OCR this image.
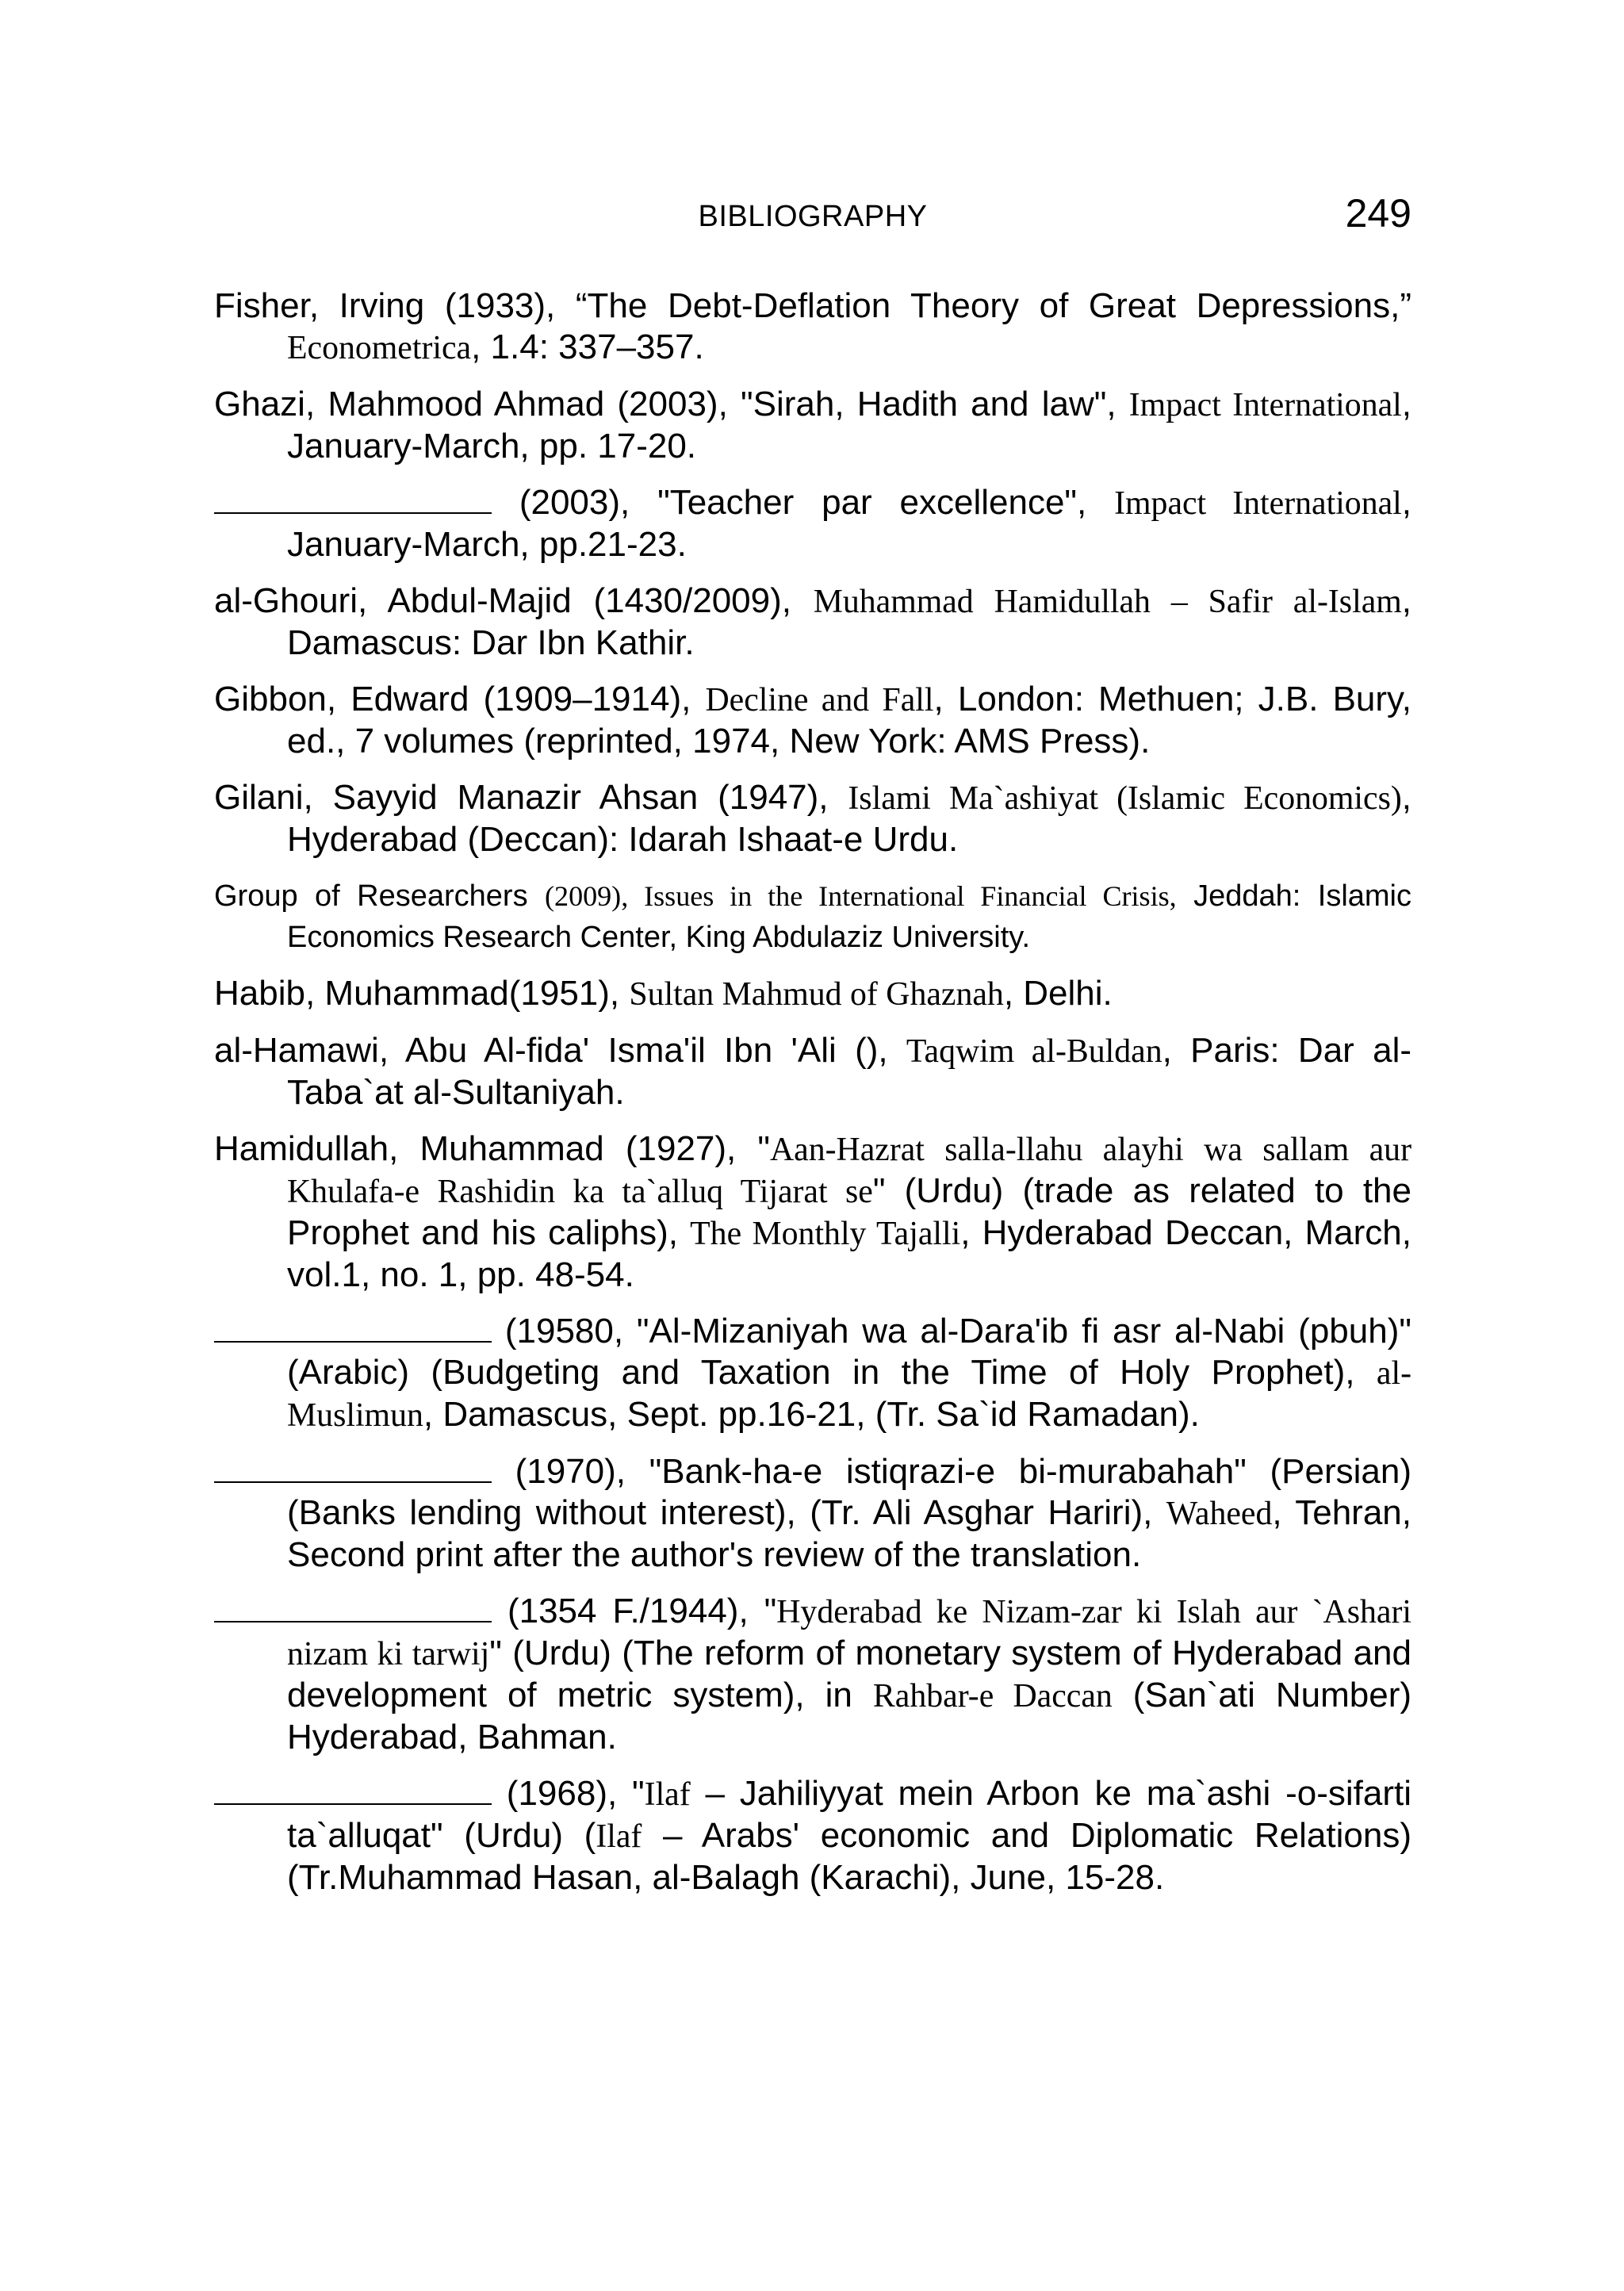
BIBLIOGRAPHY	249

Fisher, Irving (1933), “The Debt-Deflation Theory of Great Depressions,” Econometrica, 1.4: 337–357.

Ghazi, Mahmood Ahmad (2003), "Sirah, Hadith and law", Impact International, January-March, pp. 17-20.

(2003), "Teacher par excellence", Impact International, January-March, pp.21-23.

al-Ghouri, Abdul-Majid (1430/2009), Muhammad Hamidullah – Safir al-Islam, Damascus: Dar Ibn Kathir.

Gibbon, Edward (1909–1914), Decline and Fall, London: Methuen; J.B. Bury, ed., 7 volumes (reprinted, 1974, New York: AMS Press).

Gilani, Sayyid Manazir Ahsan (1947), Islami Ma`ashiyat (Islamic Economics), Hyderabad (Deccan): Idarah Ishaat-e Urdu.

Group of Researchers (2009), Issues in the International Financial Crisis, Jeddah: Islamic Economics Research Center, King Abdulaziz University.

Habib, Muhammad(1951), Sultan Mahmud of Ghaznah, Delhi.

al-Hamawi, Abu Al-fida' Isma'il Ibn 'Ali (), Taqwim al-Buldan, Paris: Dar al-Taba`at al-Sultaniyah.

Hamidullah, Muhammad (1927), "Aan-Hazrat salla-llahu alayhi wa sallam aur Khulafa-e Rashidin ka ta`alluq Tijarat se" (Urdu) (trade as related to the Prophet and his caliphs), The Monthly Tajalli, Hyderabad Deccan, March, vol.1, no. 1, pp. 48-54.

(19580, "Al-Mizaniyah wa al-Dara'ib fi asr al-Nabi (pbuh)" (Arabic) (Budgeting and Taxation in the Time of Holy Prophet), al-Muslimun, Damascus, Sept. pp.16-21, (Tr. Sa`id Ramadan).

(1970), "Bank-ha-e istiqrazi-e bi-murabahah" (Persian) (Banks lending without interest), (Tr. Ali Asghar Hariri), Waheed, Tehran, Second print after the author's review of the translation.

(1354 F./1944), "Hyderabad ke Nizam-zar ki Islah aur `Ashari nizam ki tarwij" (Urdu) (The reform of monetary system of Hyderabad and development of metric system), in Rahbar-e Daccan (San`ati Number) Hyderabad, Bahman.

(1968), "Ilaf – Jahiliyyat mein Arbon ke ma`ashi -o-sifarti ta`alluqat" (Urdu) (Ilaf – Arabs' economic and Diplomatic Relations) (Tr.Muhammad Hasan, al-Balagh (Karachi), June, 15-28.
